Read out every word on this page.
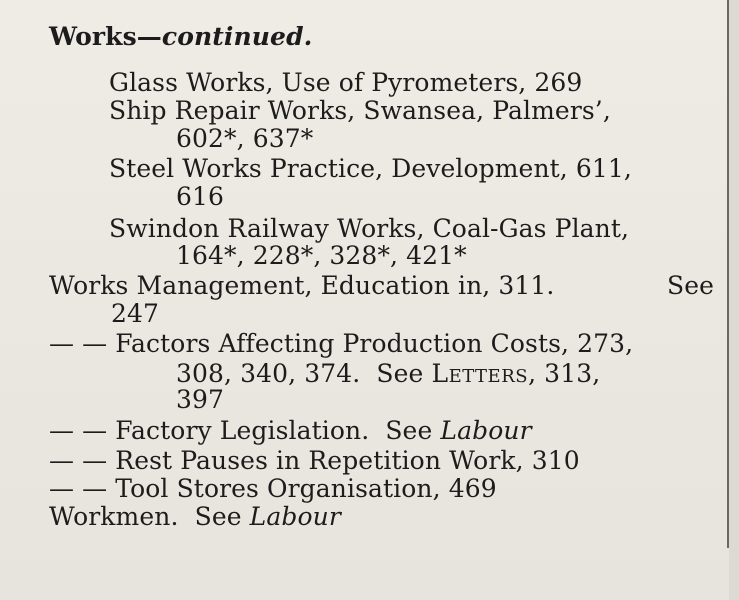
Works—continued.
Glass Works, Use of Pyrometers, 269
Ship Repair Works, Swansea, Palmers’,
602*, 637*
Steel Works Practice, Development, 611,
616
Swindon Railway Works, Coal-Gas Plant,
164*, 228*, 328*, 421*
Works Management, Education in, 311.	See
247
— — Factors Affecting Production Costs, 273,
308, 340, 374. See Letters, 313,
397
— — Factory Legislation. See Labour
— — Rest Pauses in Repetition Work, 310
— — Tool Stores Organisation, 469
Workmen. See Labour
